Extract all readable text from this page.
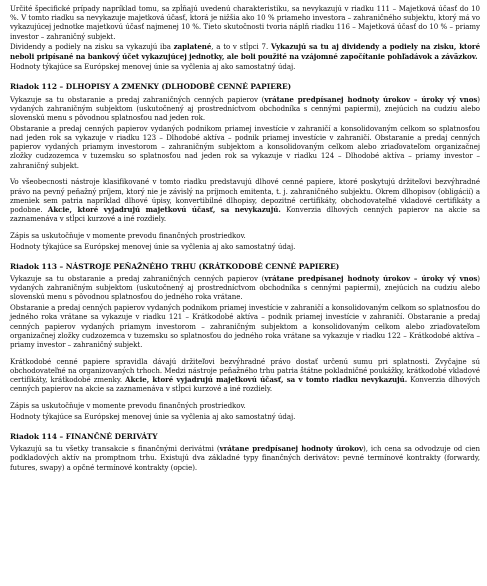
Určité špecifické prípady napríklad tomu, sa zpĺňajú uvedenú charakteristiku, sa nevykazujú v riadku 111 – Majetková účasť do 10 %. V tomto riadku sa nevykazuje majetková účasť, ktorá je nižšia ako 10 % priameho investora – zahraničného subjektu, ktorý má vo vykazujúcej jednotke majetkovú účasť najmenej 10 %. Tieto skutočnosti tvoria náplň riadku 116 – Majetková účasť do 10 % – priamy investor – zahraničný subjekt.

Dividendy a podiely na zisku sa vykazujú iba zaplatené, a to v stĺpci 7. Vykazujú sa tu aj dividendy a podiely na zisku, ktoré neboli pripísané na bankový účet vykazujúcej jednotky, ale boli použité na vzájomné započítanie pohľadávok a záväzkov.

Hodnoty týkajúce sa Európskej menovej únie sa vyčlenia aj ako samostatný údaj.

Riadok 112 – DLHOPISY A ZMENKY (DLHODOBÉ CENNÉ PAPIERE)

Vykazuje sa tu obstaranie a predaj zahraničných cenných papierov (vrátane predpísanej hodnoty úrokov – úroky vý vnos) vydaných zahraničným subjektom (uskutočnený aj prostredníctvom obchodníka s cennými papiermi), znejúcich na cudziu alebo slovenskú menu s pôvodnou splatnosťou nad jeden rok.

Obstaranie a predaj cenných papierov vydaných podnikom priamej investície v zahraničí a konsolidovaným celkom so splatnosťou nad jeden rok sa vykazuje v riadku 123 – Dlhodobé aktíva – podnik priamej investície v zahraničí. Obstaranie a predaj cenných papierov vydaných priamym investorom – zahraničným subjektom a konsolidovaným celkom alebo zriaďovateľom organizačnej zložky cudzozemca v tuzemsku so splatnosťou nad jeden rok sa vykazuje v riadku 124 – Dlhodobé aktíva – priamy investor – zahraničný subjekt.

Vo všeobecnosti nástroje klasifikované v tomto riadku predstavujú dlhové cenné papiere, ktoré poskytujú držiteľovi bezvýhradné právo na pevný peňažný príjem, ktorý nie je závislý na príjmoch emitenta, t. j. zahraničného subjektu. Okrem dlhopisov (obligácií) a zmeniek sem patria napríklad dlhové úpisy, konvertibilné dlhopisy, depozitné certifikáty, obchodovateľné vkladové certifikáty a podobne. Akcie, ktoré vyjadrujú majetkovú účasť, sa nevykazujú. Konverzia dlhových cenných papierov na akcie sa zaznamenáva v stĺpci kurzové a iné rozdiely.

Zápis sa uskutočňuje v momente prevodu finančných prostriedkov.

Hodnoty týkajúce sa Európskej menovej únie sa vyčlenia aj ako samostatný údaj.

Riadok 113 – NÁSTROJE PEŇAŽNÉHO TRHU (KRÁTKODOBÉ CENNÉ PAPIERE)

Vykazuje sa tu obstaranie a predaj zahraničných cenných papierov (vrátane predpísanej hodnoty úrokov – úroky vý vnos) vydaných zahraničným subjektom (uskutočnený aj prostredníctvom obchodníka s cennými papiermi), znejúcich na cudziu alebo slovenskú menu s pôvodnou splatnosťou do jedného roka vrátane.

Obstaranie a predaj cenných papierov vydaných podnikom priamej investície v zahraničí a konsolidovaným celkom so splatnosťou do jedného roka vrátane sa vykazuje v riadku 121 – Krátkodobé aktíva – podnik priamej investície v zahraničí. Obstaranie a predaj cenných papierov vydaných priamym investorom – zahraničným subjektom a konsolidovaným celkom alebo zriaďovateľom organizačnej zložky cudzozemca v tuzemsku so splatnosťou do jedného roka vrátane sa vykazuje v riadku 122 – Krátkodobé aktíva – priamy investor – zahraničný subjekt.

Krátkodobé cenné papiere spravidla dávajú držiteľovi bezvýhradné právo dostať určenú sumu pri splatnosti. Zvyčajne sú obchodovateľné na organizovaných trhoch. Medzi nástroje peňažného trhu patria štátne pokladničné poukážky, krátkodobé vkladové certifikáty, krátkodobé zmenky. Akcie, ktoré vyjadrujú majetkovú účasť, sa v tomto riadku nevykazujú. Konverzia dlhových cenných papierov na akcie sa zaznamenáva v stĺpci kurzové a iné rozdiely.

Zápis sa uskutočňuje v momente prevodu finančných prostriedkov.

Hodnoty týkajúce sa Európskej menovej únie sa vyčlenia aj ako samostatný údaj.

Riadok 114 – FINANČNÉ DERIVÁTY

Vykazujú sa tu všetky transakcie s finančnými derivátmi (vrátane predpísanej hodnoty úrokov), ich cena sa odvodzuje od cien podkladových aktív na promptnom trhu. Existujú dva základné typy finančných derivátov: pevné termínové kontrakty (forwardy, futures, swapy) a opčné termínové kontrakty (opcie).
